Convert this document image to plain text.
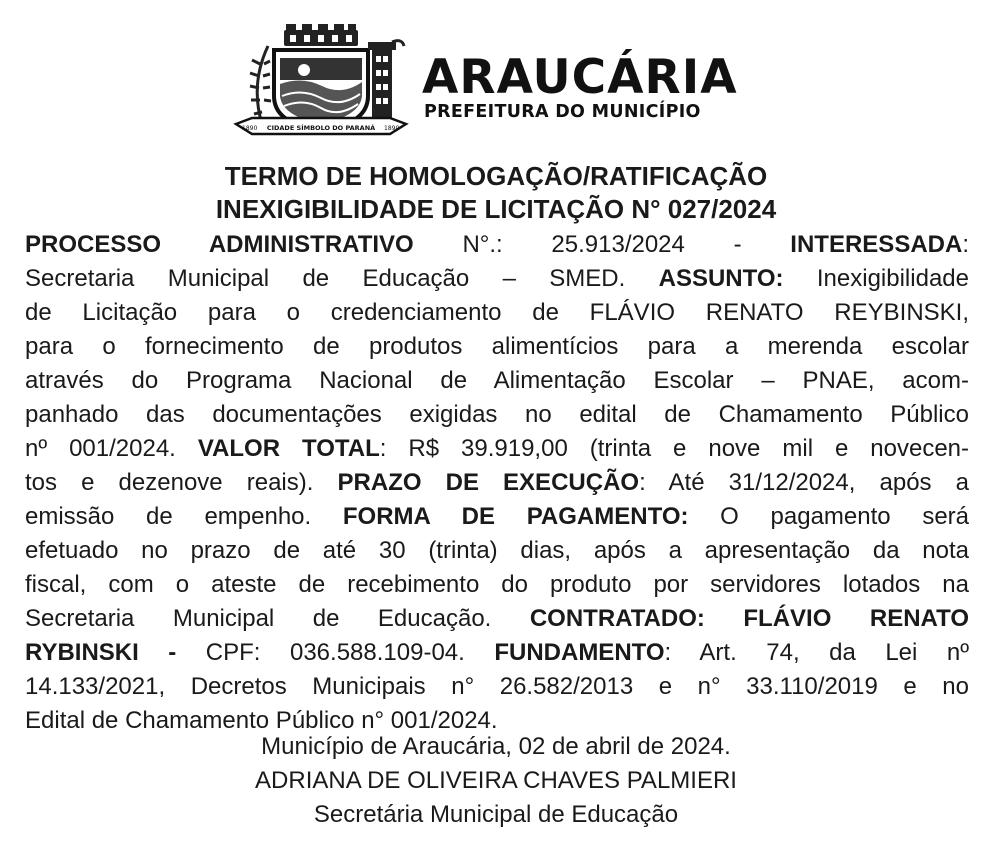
1890 CIDADE SÍMBOLO DO PARANÁ 1890
ARAUCÁRIA
PREFEITURA DO MUNICÍPIO
TERMO DE HOMOLOGAÇÃO/RATIFICAÇÃO
INEXIGIBILIDADE DE LICITAÇÃO N° 027/2024
PROCESSO ADMINISTRATIVO N°.: 25.913/2024 - INTERESSADA:
Secretaria Municipal de Educação – SMED. ASSUNTO: Inexigibilidade
de Licitação para o credenciamento de FLÁVIO RENATO REYBINSKI,
para o fornecimento de produtos alimentícios para a merenda escolar
através do Programa Nacional de Alimentação Escolar – PNAE, acom-
panhado das documentações exigidas no edital de Chamamento Público
nº 001/2024. VALOR TOTAL: R$ 39.919,00 (trinta e nove mil e novecen-
tos e dezenove reais). PRAZO DE EXECUÇÃO: Até 31/12/2024, após a
emissão de empenho. FORMA DE PAGAMENTO: O pagamento será
efetuado no prazo de até 30 (trinta) dias, após a apresentação da nota
fiscal, com o ateste de recebimento do produto por servidores lotados na
Secretaria Municipal de Educação. CONTRATADO: FLÁVIO RENATO
RYBINSKI - CPF: 036.588.109-04. FUNDAMENTO: Art. 74, da Lei nº
14.133/2021, Decretos Municipais n° 26.582/2013 e n° 33.110/2019 e no
Edital de Chamamento Público n° 001/2024.
Município de Araucária, 02 de abril de 2024.
ADRIANA DE OLIVEIRA CHAVES PALMIERI
Secretária Municipal de Educação
